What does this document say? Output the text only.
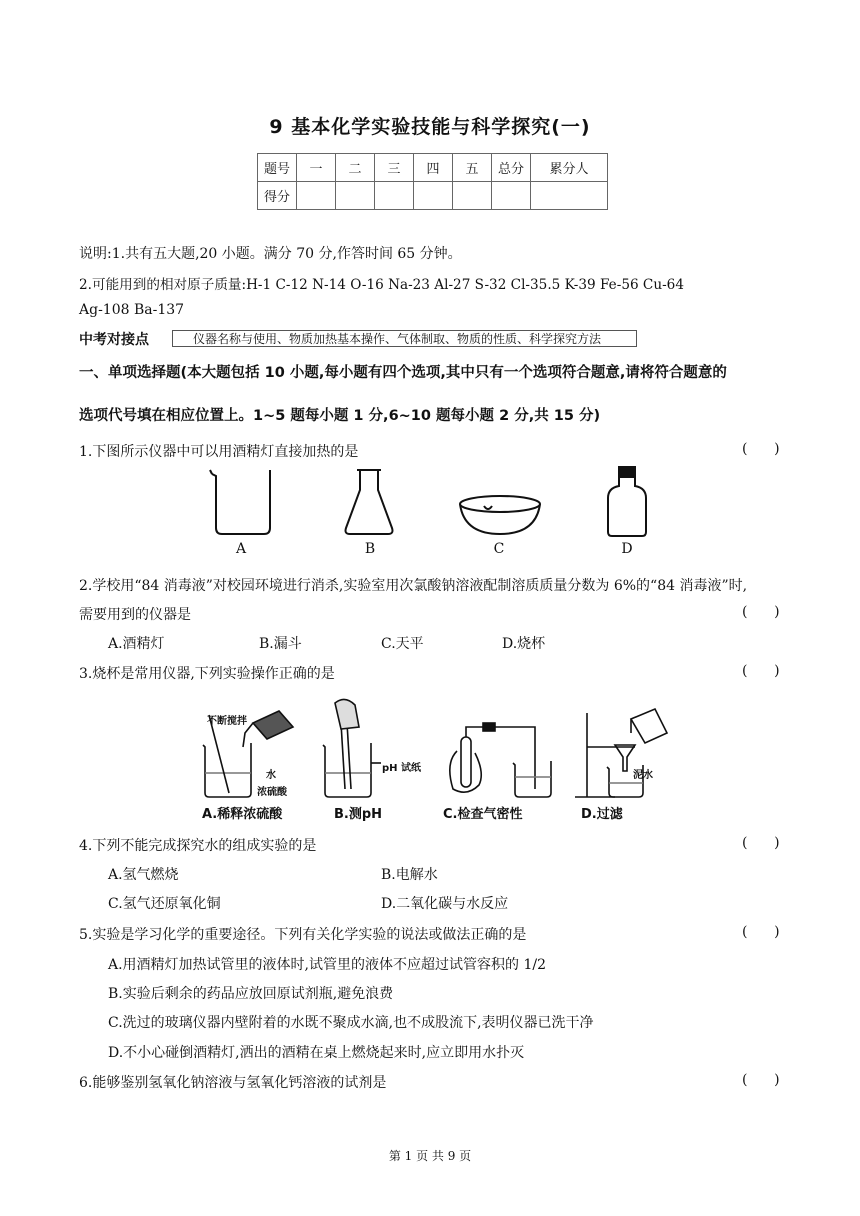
9 基本化学实验技能与科学探究(一)
题号	一	二	三	四	五	总分	累分人
得分							
说明:1.共有五大题,20 小题。满分 70 分,作答时间 65 分钟。
2.可能用到的相对原子质量:H-1 C-12 N-14 O-16 Na-23 Al-27 S-32 Cl-35.5 K-39 Fe-56 Cu-64
Ag-108 Ba-137
中考对接点	仪器名称与使用、物质加热基本操作、气体制取、物质的性质、科学探究方法
一、单项选择题(本大题包括 10 小题,每小题有四个选项,其中只有一个选项符合题意,请将符合题意的
选项代号填在相应位置上。1~5 题每小题 1 分,6~10 题每小题 2 分,共 15 分)
1.下图所示仪器中可以用酒精灯直接加热的是	(      )
A	B	C	D
2.学校用“84 消毒液”对校园环境进行消杀,实验室用次氯酸钠溶液配制溶质质量分数为 6%的“84 消毒液”时,
需要用到的仪器是	(      )
A.酒精灯	B.漏斗	C.天平	D.烧杯
3.烧杯是常用仪器,下列实验操作正确的是	(      )
不断搅拌
水
浓硫酸
pH 试纸
泥水
A.稀释浓硫酸	B.测pH	C.检查气密性	D.过滤
4.下列不能完成探究水的组成实验的是	(      )
A.氢气燃烧	B.电解水
C.氢气还原氧化铜	D.二氧化碳与水反应
5.实验是学习化学的重要途径。下列有关化学实验的说法或做法正确的是	(      )
A.用酒精灯加热试管里的液体时,试管里的液体不应超过试管容积的 1/2
B.实验后剩余的药品应放回原试剂瓶,避免浪费
C.洗过的玻璃仪器内壁附着的水既不聚成水滴,也不成股流下,表明仪器已洗干净
D.不小心碰倒酒精灯,洒出的酒精在桌上燃烧起来时,应立即用水扑灭
6.能够鉴别氢氧化钠溶液与氢氧化钙溶液的试剂是	(      )
第 1 页 共 9 页
